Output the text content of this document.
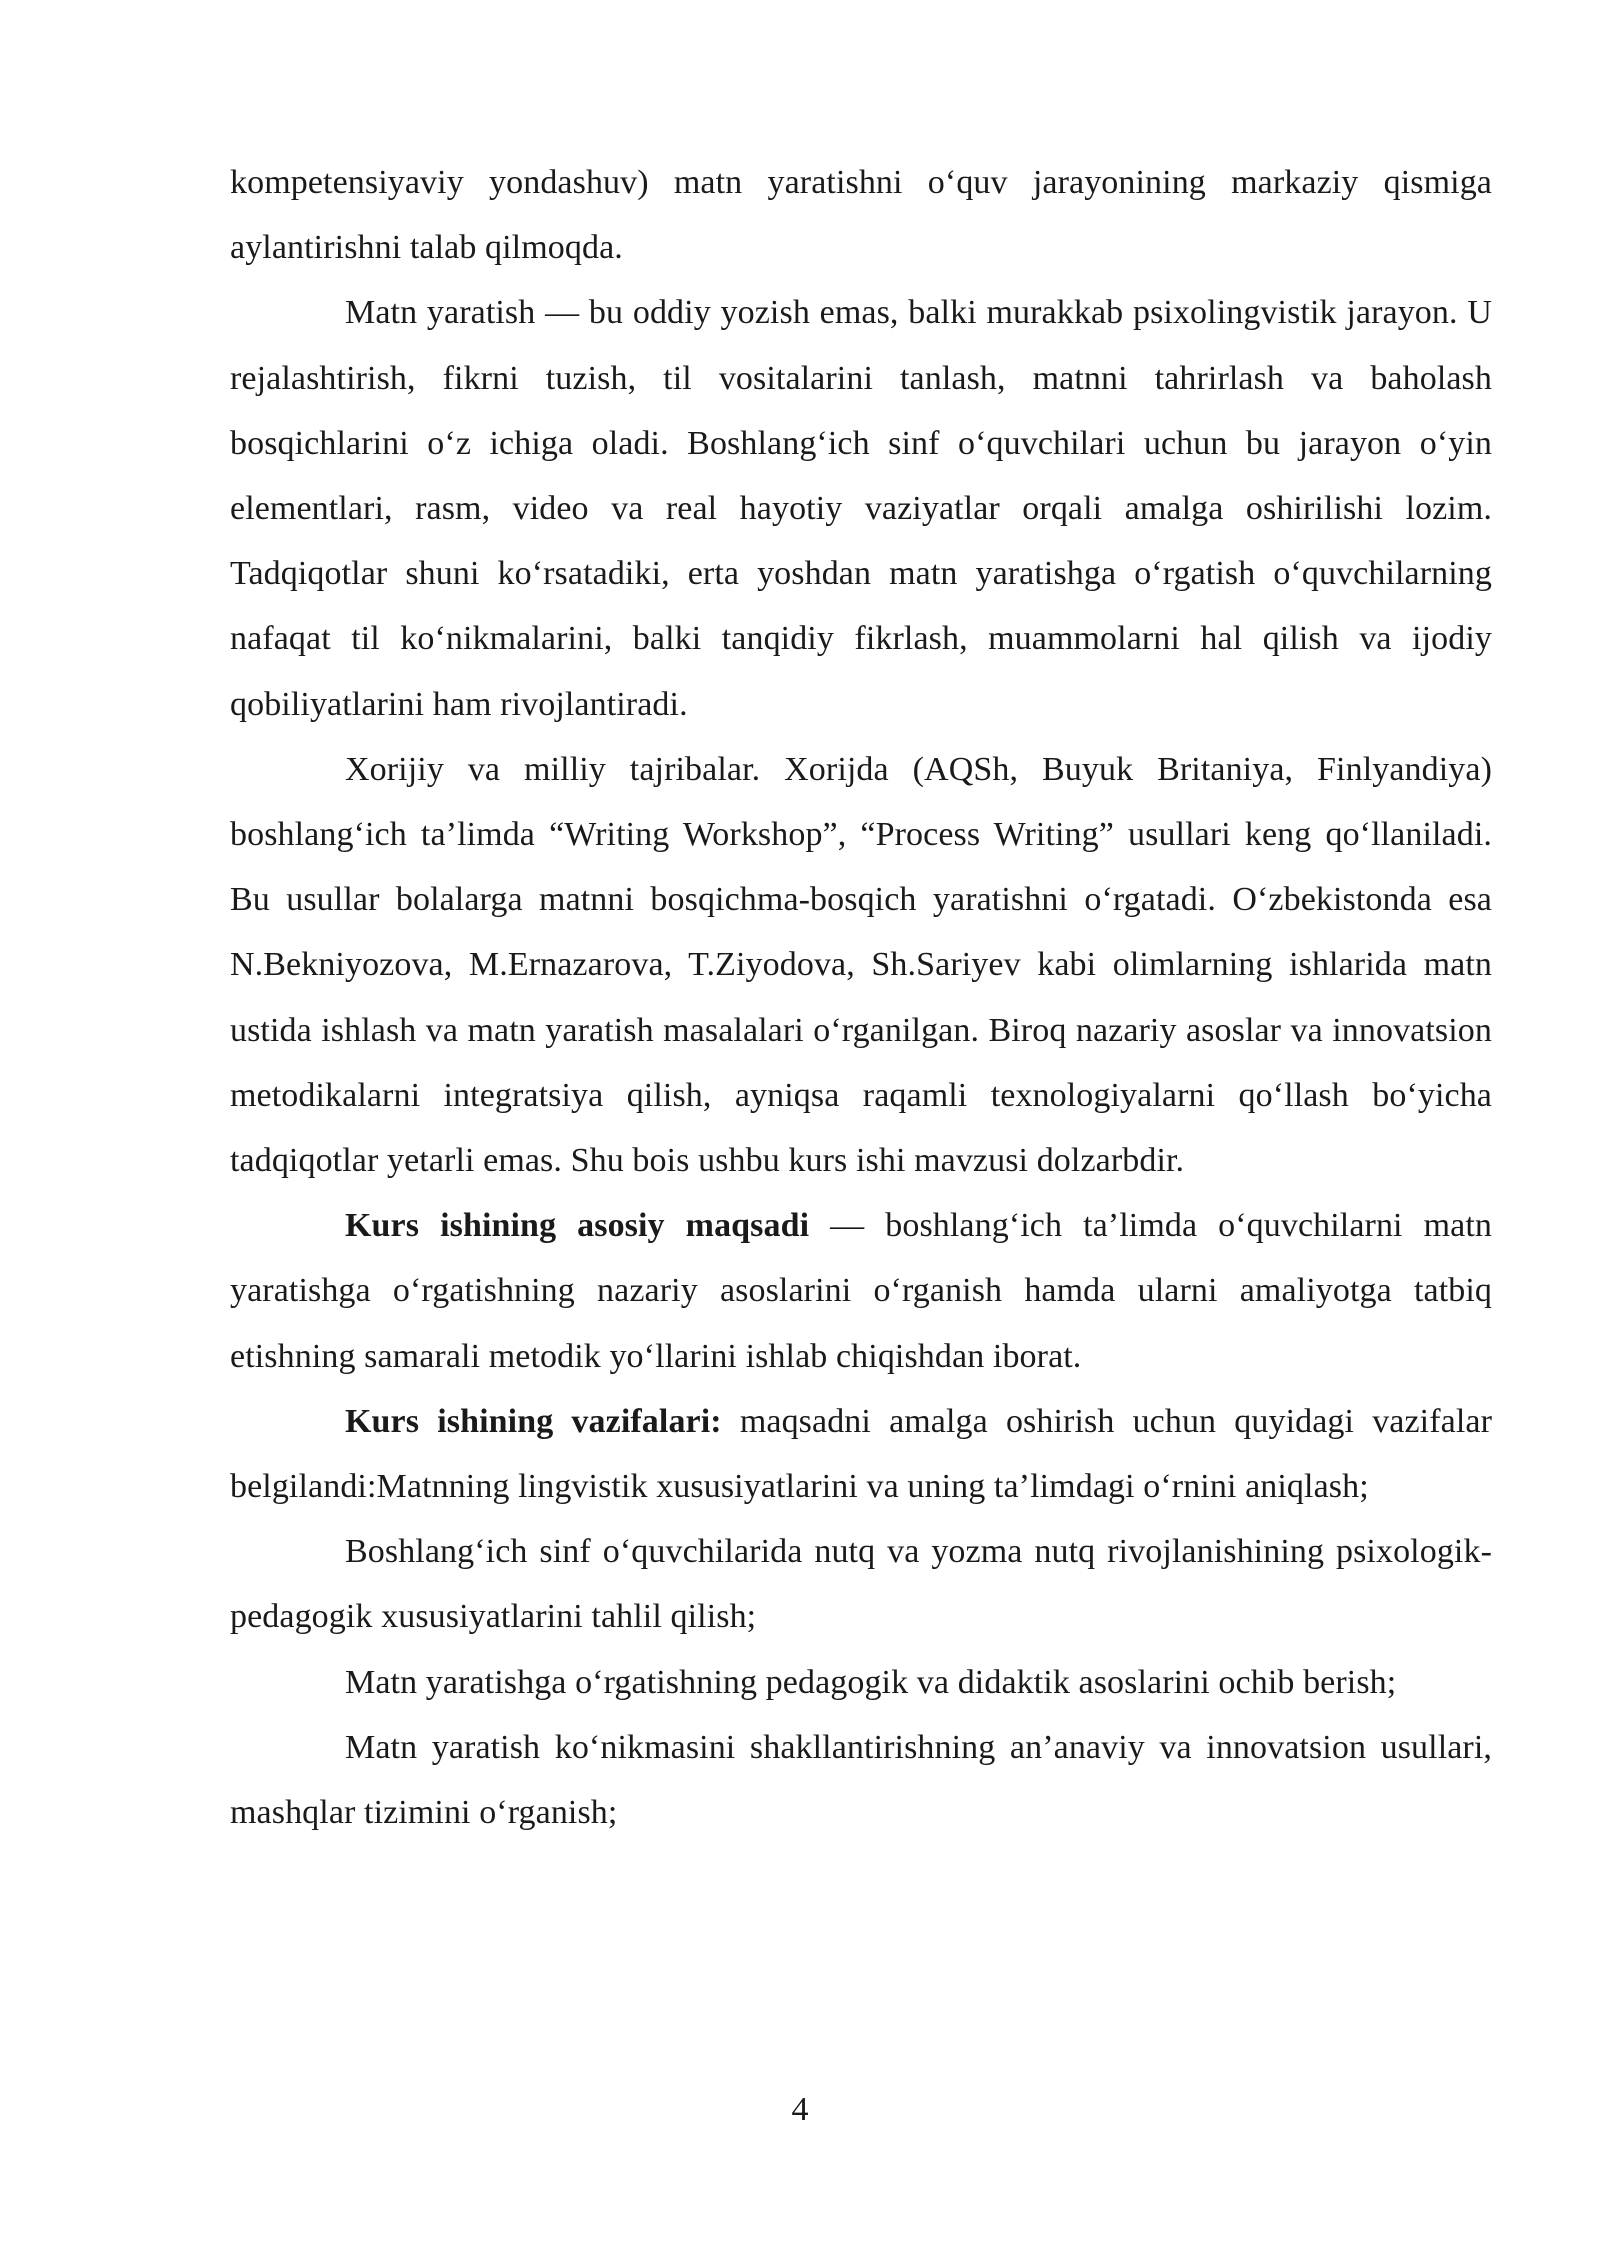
kompetensiyaviy yondashuv) matn yaratishni o‘quv jarayonining markaziy qismiga aylantirishni talab qilmoqda.

Matn yaratish — bu oddiy yozish emas, balki murakkab psixolingvistik jarayon. U rejalashtirish, fikrni tuzish, til vositalarini tanlash, matnni tahrirlash va baholash bosqichlarini o‘z ichiga oladi. Boshlang‘ich sinf o‘quvchilari uchun bu jarayon o‘yin elementlari, rasm, video va real hayotiy vaziyatlar orqali amalga oshirilishi lozim. Tadqiqotlar shuni ko‘rsatadiki, erta yoshdan matn yaratishga o‘rgatish o‘quvchilarning nafaqat til ko‘nikmalarini, balki tanqidiy fikrlash, muammolarni hal qilish va ijodiy qobiliyatlarini ham rivojlantiradi.

Xorijiy va milliy tajribalar. Xorijda (AQSh, Buyuk Britaniya, Finlyandiya) boshlang‘ich ta’limda “Writing Workshop”, “Process Writing” usullari keng qo‘llaniladi. Bu usullar bolalarga matnni bosqichma-bosqich yaratishni o‘rgatadi. O‘zbekistonda esa N.Bekniyozova, M.Ernazarova, T.Ziyodova, Sh.Sariyev kabi olimlarning ishlarida matn ustida ishlash va matn yaratish masalalari o‘rganilgan. Biroq nazariy asoslar va innovatsion metodikalarni integratsiya qilish, ayniqsa raqamli texnologiyalarni qo‘llash bo‘yicha tadqiqotlar yetarli emas. Shu bois ushbu kurs ishi mavzusi dolzarbdir.

Kurs ishining asosiy maqsadi — boshlang‘ich ta’limda o‘quvchilarni matn yaratishga o‘rgatishning nazariy asoslarini o‘rganish hamda ularni amaliyotga tatbiq etishning samarali metodik yo‘llarini ishlab chiqishdan iborat.

Kurs ishining vazifalari: maqsadni amalga oshirish uchun quyidagi vazifalar belgilandi:Matnning lingvistik xususiyatlarini va uning ta’limdagi o‘rnini aniqlash;

Boshlang‘ich sinf o‘quvchilarida nutq va yozma nutq rivojlanishining psixologik-pedagogik xususiyatlarini tahlil qilish;

Matn yaratishga o‘rgatishning pedagogik va didaktik asoslarini ochib berish;

Matn yaratish ko‘nikmasini shakllantirishning an’anaviy va innovatsion usullari, mashqlar tizimini o‘rganish;

4
